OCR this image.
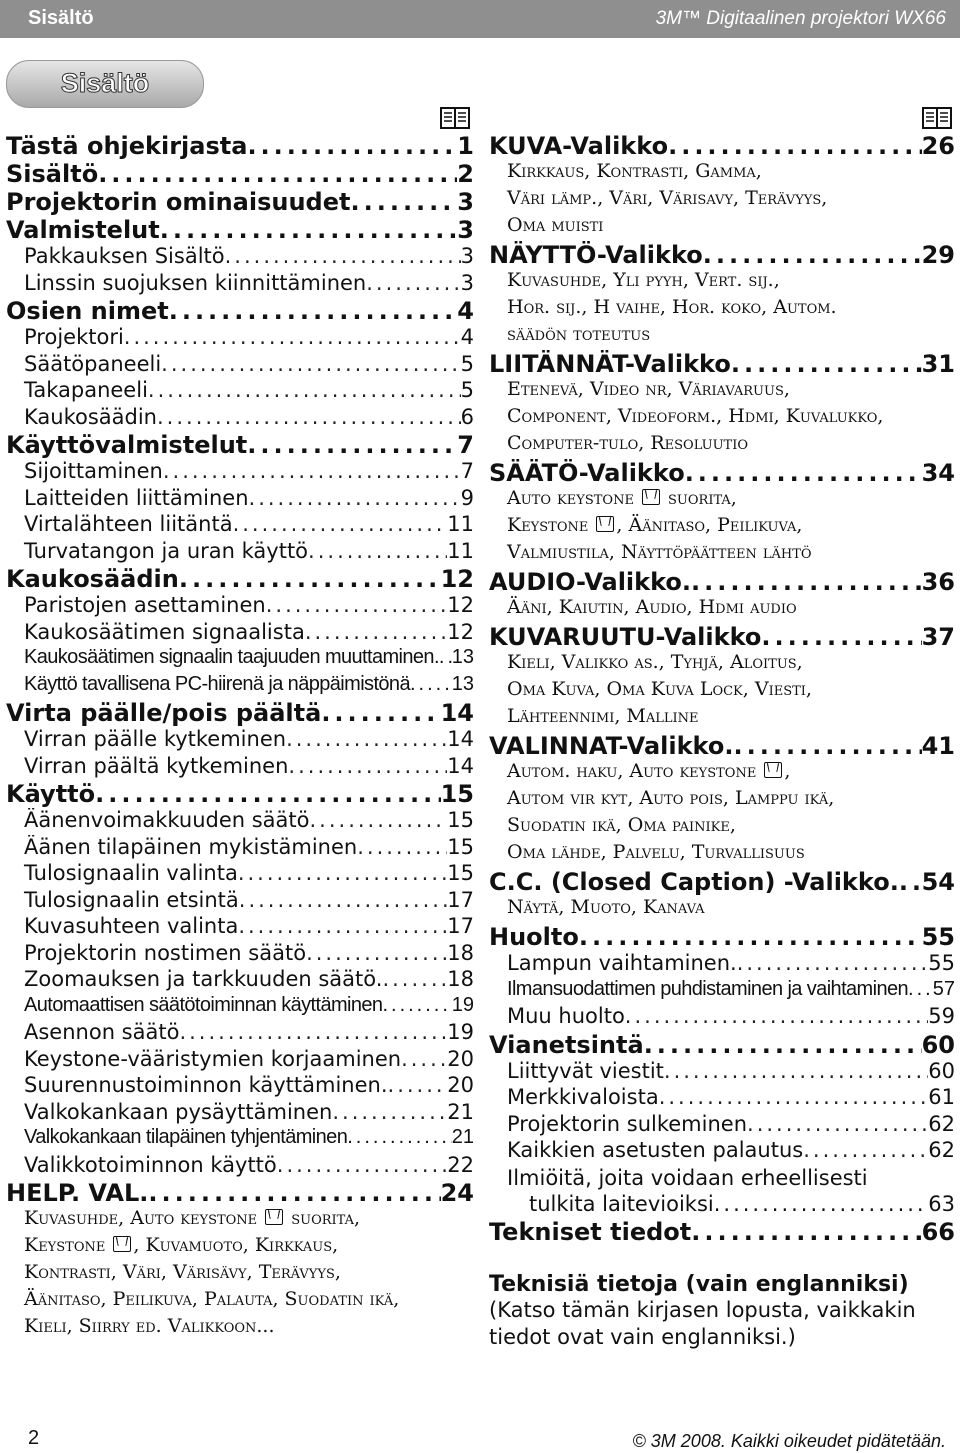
Sisältö	3M™ Digitaalinen projektori WX66
Sisältö
Tästä ohjekirjasta .....	1
Sisältö .....	2
Projektorin ominaisuudet .....	3
Valmistelut .....	3
Pakkauksen Sisältö .....	3
Linssin suojuksen kiinnittäminen .....	3
Osien nimet .....	4
Projektori .....	4
Säätöpaneeli .....	5
Takapaneeli .....	5
Kaukosäädin .....	6
Käyttövalmistelut .....	7
Sijoittaminen .....	7
Laitteiden liittäminen .....	9
Virtalähteen liitäntä .....	11
Turvatangon ja uran käyttö .....	11
Kaukosäädin .....	12
Paristojen asettaminen .....	12
Kaukosäätimen signaalista .....	12
Kaukosäätimen signaalin taajuuden muuttaminen. ..... 13
Käyttö tavallisena PC-hiirenä ja näppäimistönä ..... 13
Virta päälle/pois päältä .....	14
Virran päälle kytkeminen .....	14
Virran päältä kytkeminen .....	14
Käyttö .....	15
Äänenvoimakkuuden säätö .....	15
Äänen tilapäinen mykistäminen .....	15
Tulosignaalin valinta .....	15
Tulosignaalin etsintä .....	17
Kuvasuhteen valinta .....	17
Projektorin nostimen säätö .....	18
Zoomauksen ja tarkkuuden säätö. .....	18
Automaattisen säätötoiminnan käyttäminen .....	19
Asennon säätö .....	19
Keystone-vääristymien korjaaminen ..... 20
Suurennustoiminnon käyttäminen. .....	20
Valkokankaan pysäyttäminen .....	21
Valkokankaan tilapäinen tyhjentäminen .....	21
Valikkotoiminnon käyttö .....	22
HELP. VAL. .....	24
Kuvasuhde, Auto keystone  suorita,
Keystone , Kuvamuoto, Kirkkaus,
Kontrasti, Väri, Värisävy, Terävyys,
Äänitaso, Peilikuva, Palauta, Suodatin ikä,
Kieli, Siirry ed. Valikkoon...
KUVA-Valikko .....	26
Kirkkaus, Kontrasti, Gamma,
Väri lämp., Väri, Värisavy, Terävyys,
Oma muisti
NÄYTTÖ-Valikko .....	29
Kuvasuhde, Yli pyyh, Vert. sij.,
Hor. sij., H vaihe, Hor. koko, Autom.
säädön toteutus
LIITÄNNÄT-Valikko .....	31
Etenevä, Video nr, Väriavaruus,
Component, Videoform., Hdmi, Kuvalukko,
Computer-tulo, Resoluutio
SÄÄTÖ-Valikko .....	34
Auto keystone  suorita,
Keystone , Äänitaso, Peilikuva,
Valmiustila, Näyttöpäätteen lähtö
AUDIO-Valikko. .....	36
Ääni, Kaiutin, Audio, Hdmi audio
KUVARUUTU-Valikko .....	37
Kieli, Valikko as., Tyhjä, Aloitus,
Oma Kuva, Oma Kuva Lock, Viesti,
Lähteennimi, Malline
VALINNAT-Valikko. .....	41
Autom. haku, Auto keystone ,
Autom vir kyt, Auto pois, Lamppu ikä,
Suodatin ikä, Oma painike,
Oma lähde, Palvelu, Turvallisuus
C.C. (Closed Caption) -Valikko. ..... 54
Näytä, Muoto, Kanava
Huolto .....	55
Lampun vaihtaminen. .....	55
Ilmansuodattimen puhdistaminen ja vaihtaminen ..... 57
Muu huolto .....	59
Vianetsintä .....	60
Liittyvät viestit .....	60
Merkkivaloista .....	61
Projektorin sulkeminen .....	62
Kaikkien asetusten palautus .....	62
Ilmiöitä, joita voidaan erheellisesti
tulkita laitevioiksi .....	63
Tekniset tiedot .....	66
Teknisiä tietoja (vain englanniksi)
(Katso tämän kirjasen lopusta, vaikkakin tiedot ovat vain englanniksi.)
2	© 3M 2008. Kaikki oikeudet pidätetään.
